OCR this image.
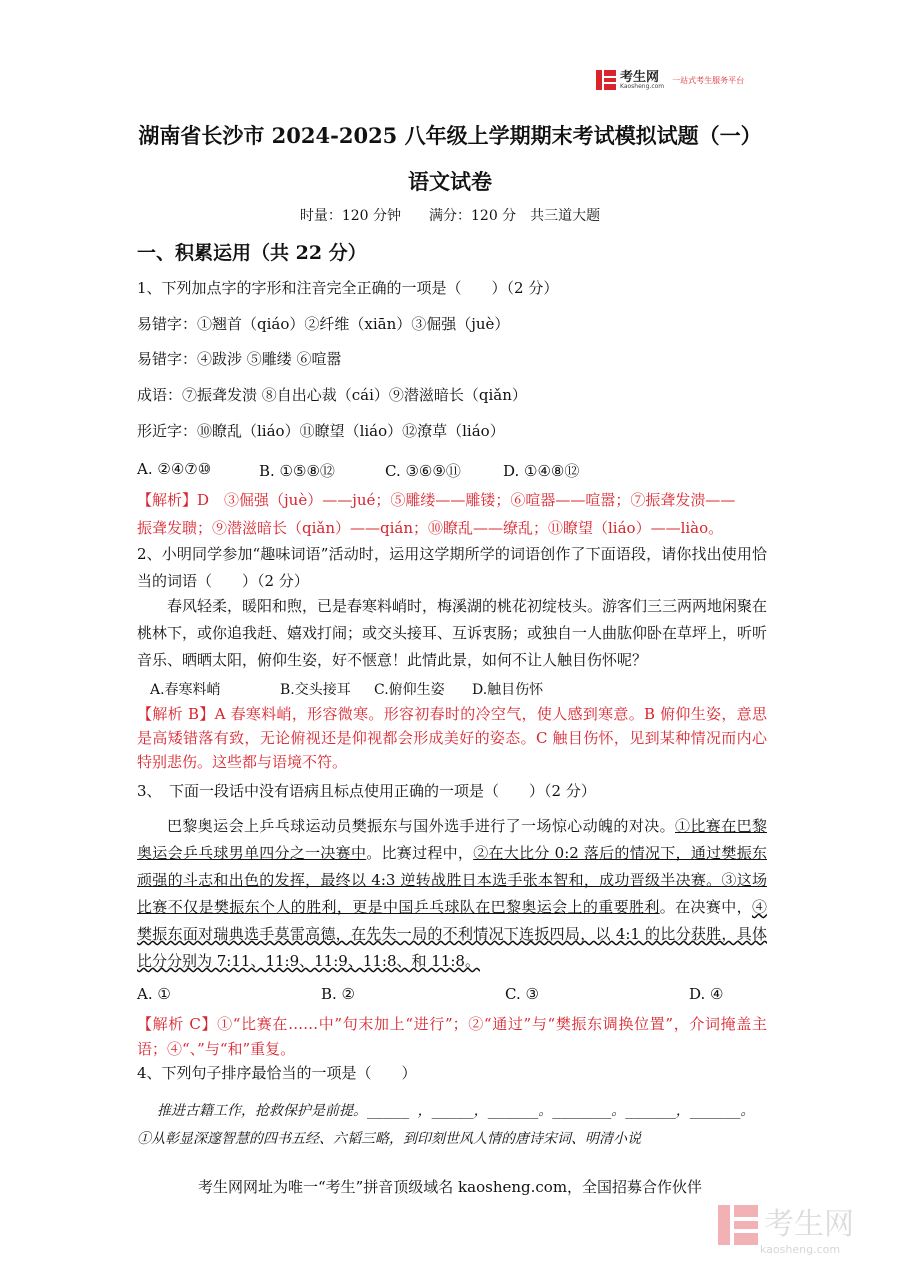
考生网
Kaosheng.com
一站式考生服务平台
湖南省长沙市 2024-2025 八年级上学期期末考试模拟试题（一）
语文试卷
时量：120 分钟　　满分：120 分　共三道大题
一、积累运用（共 22 分）
1、下列加点字的字形和注音完全正确的一项是（　　）（2 分）
易错字：①翘首（qiáo）②纤维（xiān）③倔强（juè）
易错字：④跋涉 ⑤雕缕 ⑥喧嚣
成语：⑦振聋发溃 ⑧自出心裁（cái）⑨潜滋暗长（qiǎn）
形近字：⑩瞭乱（liáo）⑪瞭望（liáo）⑫潦草（liáo）
A. ②④⑦⑩	B. ①⑤⑧⑫	C. ③⑥⑨⑪	D. ①④⑧⑫
【解析】D　③倔强（juè）——jué；⑤雕缕——雕镂；⑥喧器——喧嚣；⑦振聋发溃——
振聋发聩；⑨潜滋暗长（qiǎn）——qián；⑩瞭乱——缭乱；⑪瞭望（liáo）——liào。
2、小明同学参加“趣味词语”活动时，运用这学期所学的词语创作了下面语段，请你找出使用恰当的词语（　　）（2 分）
春风轻柔，暖阳和煦，已是春寒料峭时，梅溪湖的桃花初绽枝头。游客们三三两两地闲聚在桃林下，或你追我赶、嬉戏打闹；或交头接耳、互诉衷肠；或独自一人曲肱仰卧在草坪上，听听音乐、晒晒太阳，俯仰生姿，好不惬意！此情此景，如何不让人触目伤怀呢？
A.春寒料峭	B.交头接耳	C.俯仰生姿	D.触目伤怀
【解析 B】A 春寒料峭，形容微寒。形容初春时的冷空气，使人感到寒意。B 俯仰生姿，意思是高矮错落有致，无论俯视还是仰视都会形成美好的姿态。C 触目伤怀，见到某种情况而内心特别悲伤。这些都与语境不符。
3、　下面一段话中没有语病且标点使用正确的一项是（　　）（2 分）
巴黎奥运会上乒乓球运动员樊振东与国外选手进行了一场惊心动魄的对决。①比赛在巴黎奥运会乒乓球男单四分之一决赛中。比赛过程中，②在大比分 0:2 落后的情况下，通过樊振东顽强的斗志和出色的发挥，最终以 4:3 逆转战胜日本选手张本智和，成功晋级半决赛。③这场比赛不仅是樊振东个人的胜利，更是中国乒乓球队在巴黎奥运会上的重要胜利。在决赛中，④樊振东面对瑞典选手莫雷高德，在先失一局的不利情况下连扳四局，以 4:1 的比分获胜，具体比分分别为 7:11、11:9、11:9、11:8、和 11:8。
A. ①	B. ②	C. ③	D. ④
【解析 C】①“比赛在……中”句末加上“进行”；②“通过”与“樊振东调换位置”，介词掩盖主语；④“、”与“和”重复。
4、下列句子排序最恰当的一项是（　　）
推进古籍工作，抢救保护是前提。_____ ，_____，______。_______。______，______。
①从彰显深邃智慧的四书五经、六韬三略，到印刻世风人情的唐诗宋词、明清小说
考生网网址为唯一“考生”拼音顶级域名 kaosheng.com，全国招募合作伙伴
考生网
kaosheng.com
